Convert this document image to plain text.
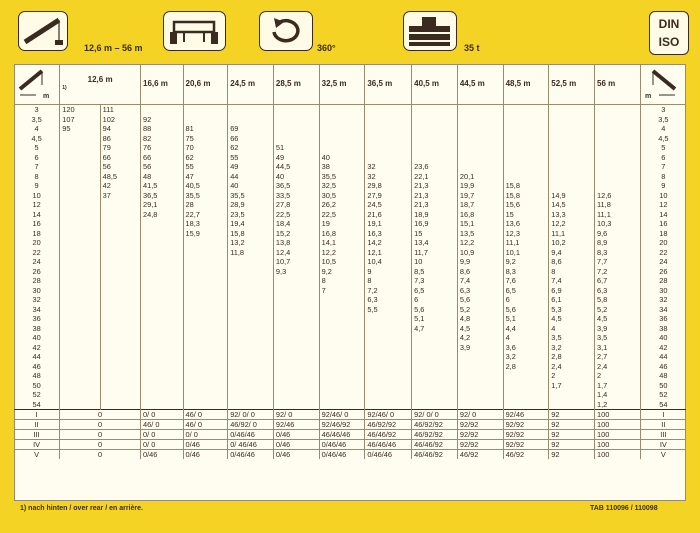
12,6 m – 56 m	360°	35 t
DIN
ISO
m	12,6 m
1)		16,6 m	20,6 m	24,5 m	28,5 m	32,5 m	36,5 m	40,5 m	44,5 m	48,5 m	52,5 m	56 m	m

3	120	111												3
3,5	107	102	92											3,5
4	95	94	88	81	69									4
4,5		86	82	75	66									4,5
5		79	76	70	62	51								5
6		66	66	62	55	49	40							6
7		56	56	55	49	44,5	38	32	23,6					7
8		48,5	48	47	44	40	35,5	32	22,1	20,1				8
9		42	41,5	40,5	40	36,5	32,5	29,8	21,3	19,9	15,8			9
10		37	36,5	35,5	35,5	33,5	30,5	27,9	21,3	19,7	15,8	14,9	12,6	10
12			29,1	28	28,9	27,8	26,2	24,5	21,3	18,7	15,6	14,5	11,8	12
14			24,8	22,7	23,5	22,5	22,5	21,6	18,9	16,8	15	13,3	11,1	14
16				18,3	19,4	18,4	19	19,1	16,9	15,1	13,6	12,2	10,3	16
18				15,9	15,8	15,2	16,8	16,3	15	13,5	12,3	11,1	9,6	18
20					13,2	13,8	14,1	14,2	13,4	12,2	11,1	10,2	8,9	20
22					11,8	12,4	12,2	12,1	11,7	10,9	10,1	9,4	8,3	22
24						10,7	10,5	10,4	10	9,9	9,2	8,6	7,7	24
26						9,3	9,2	9	8,5	8,6	8,3	8	7,2	26
28							8	8	7,3	7,4	7,6	7,4	6,7	28
30							7	7,2	6,5	6,3	6,5	6,9	6,3	30
32								6,3	6	5,6	6	6,1	5,8	32
34								5,5	5,6	5,2	5,6	5,3	5,2	34
36									5,1	4,8	5,1	4,5	4,5	36
38									4,7	4,5	4,4	4	3,9	38
40										4,2	4	3,5	3,5	40
42										3,9	3,6	3,2	3,1	42
44											3,2	2,8	2,7	44
46											2,8	2,4	2,4	46
48												2	2	48
50												1,7	1,7	50
52													1,4	52
54													1,2	54
I	0		0/ 0	46/ 0	92/ 0/ 0	92/ 0	92/46/ 0	92/46/ 0	92/ 0/ 0	92/ 0	92/46	92	100	I
II	0		46/ 0	46/ 0	46/92/ 0	92/46	92/46/92	46/92/92	46/92/92	92/92	92/92	92	100	II
III	0		0/ 0	0/ 0	0/46/46	0/46	46/46/46	46/46/92	46/92/92	92/92	92/92	92	100	III
IV	0		0/ 0	0/46	0/ 46/46	0/46	0/46/46	46/46/46	46/46/92	92/92	92/92	92	100	IV
V	0		0/46	0/46	0/46/46	0/46	0/46/46	0/46/46	46/46/92	46/92	46/92	92	100	V
1) nach hinten / over rear / en arrière.	TAB 110096 / 110098
